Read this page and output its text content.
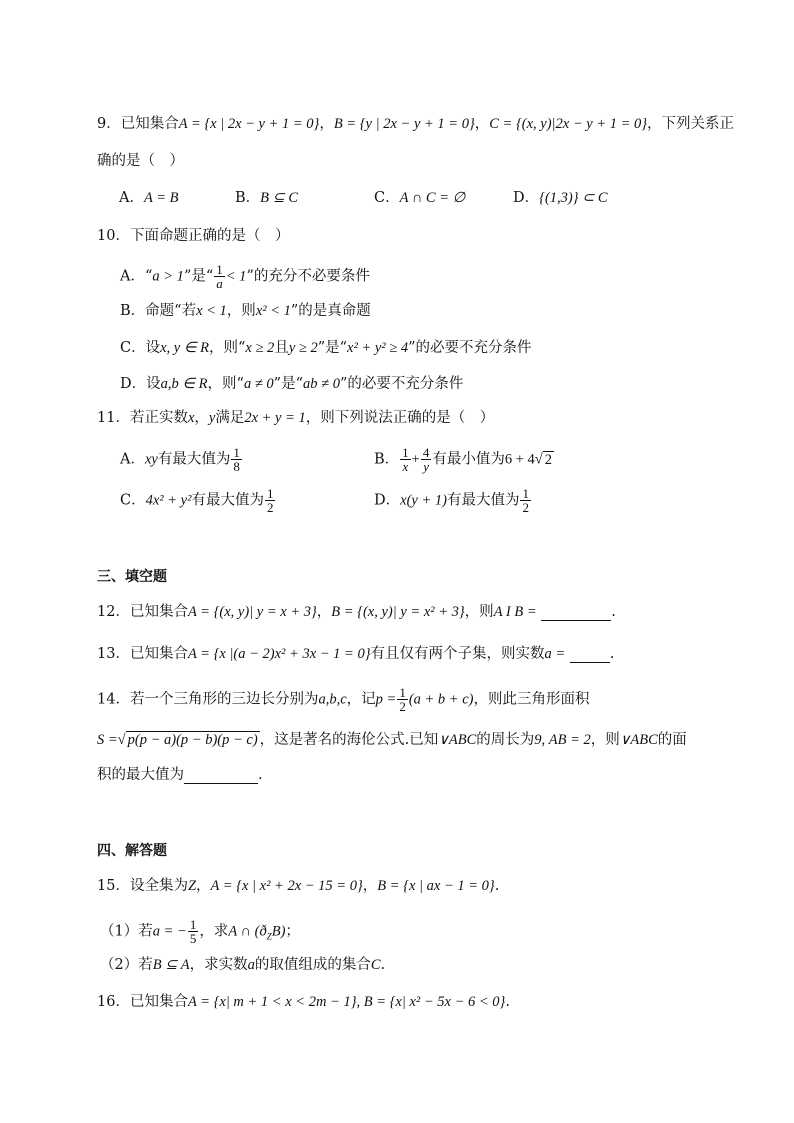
9．已知集合A = {x | 2x − y + 1 = 0}，B = {y | 2x − y + 1 = 0}，C = {(x, y)|2x − y + 1 = 0}，下列关系正
确的是（　）
A．A = B	B．B ⊆ C	C．A ∩ C = ∅	D．{(1,3)} ⊂ C
10．下面命题正确的是（　）
A．“a > 1”是“ $\frac{1}{a} < 1$”的充分不必要条件
B．命题“若x < 1，则x² < 1”的是真命题
C．设x, y ∈ R，则“x ≥ 2且y ≥ 2”是“x² + y² ≥ 4”的必要不充分条件
D．设a,b ∈ R，则“a ≠ 0”是“ab ≠ 0”的必要不充分条件
11．若正实数x，y满足2x + y = 1，则下列说法正确的是（　）
A．xy有最大值为 $\frac{1}{8}$	B． $\frac{1}{x} + \frac{4}{y}$ 有最小值为6 + 4√ 2
C．4x² + y²有最大值为 $\frac{1}{2}$	D．x(y + 1)有最大值为 $\frac{1}{2}$
三、填空题
12．已知集合A = {(x, y)| y = x + 3}，B = {(x, y)| y = x² + 3}，则A I B =	.
13．已知集合A = {x |(a − 2)x² + 3x − 1 = 0}有且仅有两个子集，则实数a =	.
14．若一个三角形的三边长分别为a,b,c，记$p = \frac{1}{2} (a + b + c)$，则此三角形面积
S =√ p(p − a)(p − b)(p − c) ，这是著名的海伦公式.已知∨ABC的周长为9, AB = 2，则∨ABC的面
积的最大值为	.
四、解答题
15．设全集为Z，A = {x | x² + 2x − 15 = 0}，B = {x | ax − 1 = 0}.
（1）若a = − $\frac{1}{5}$ ，求A ∩ $(ð_ZB)$；
（2）若B ⊆ A，求实数a的取值组成的集合C.
16．已知集合A = {x| m + 1 < x < 2m − 1}, B = {x| x² − 5x − 6 < 0}.
